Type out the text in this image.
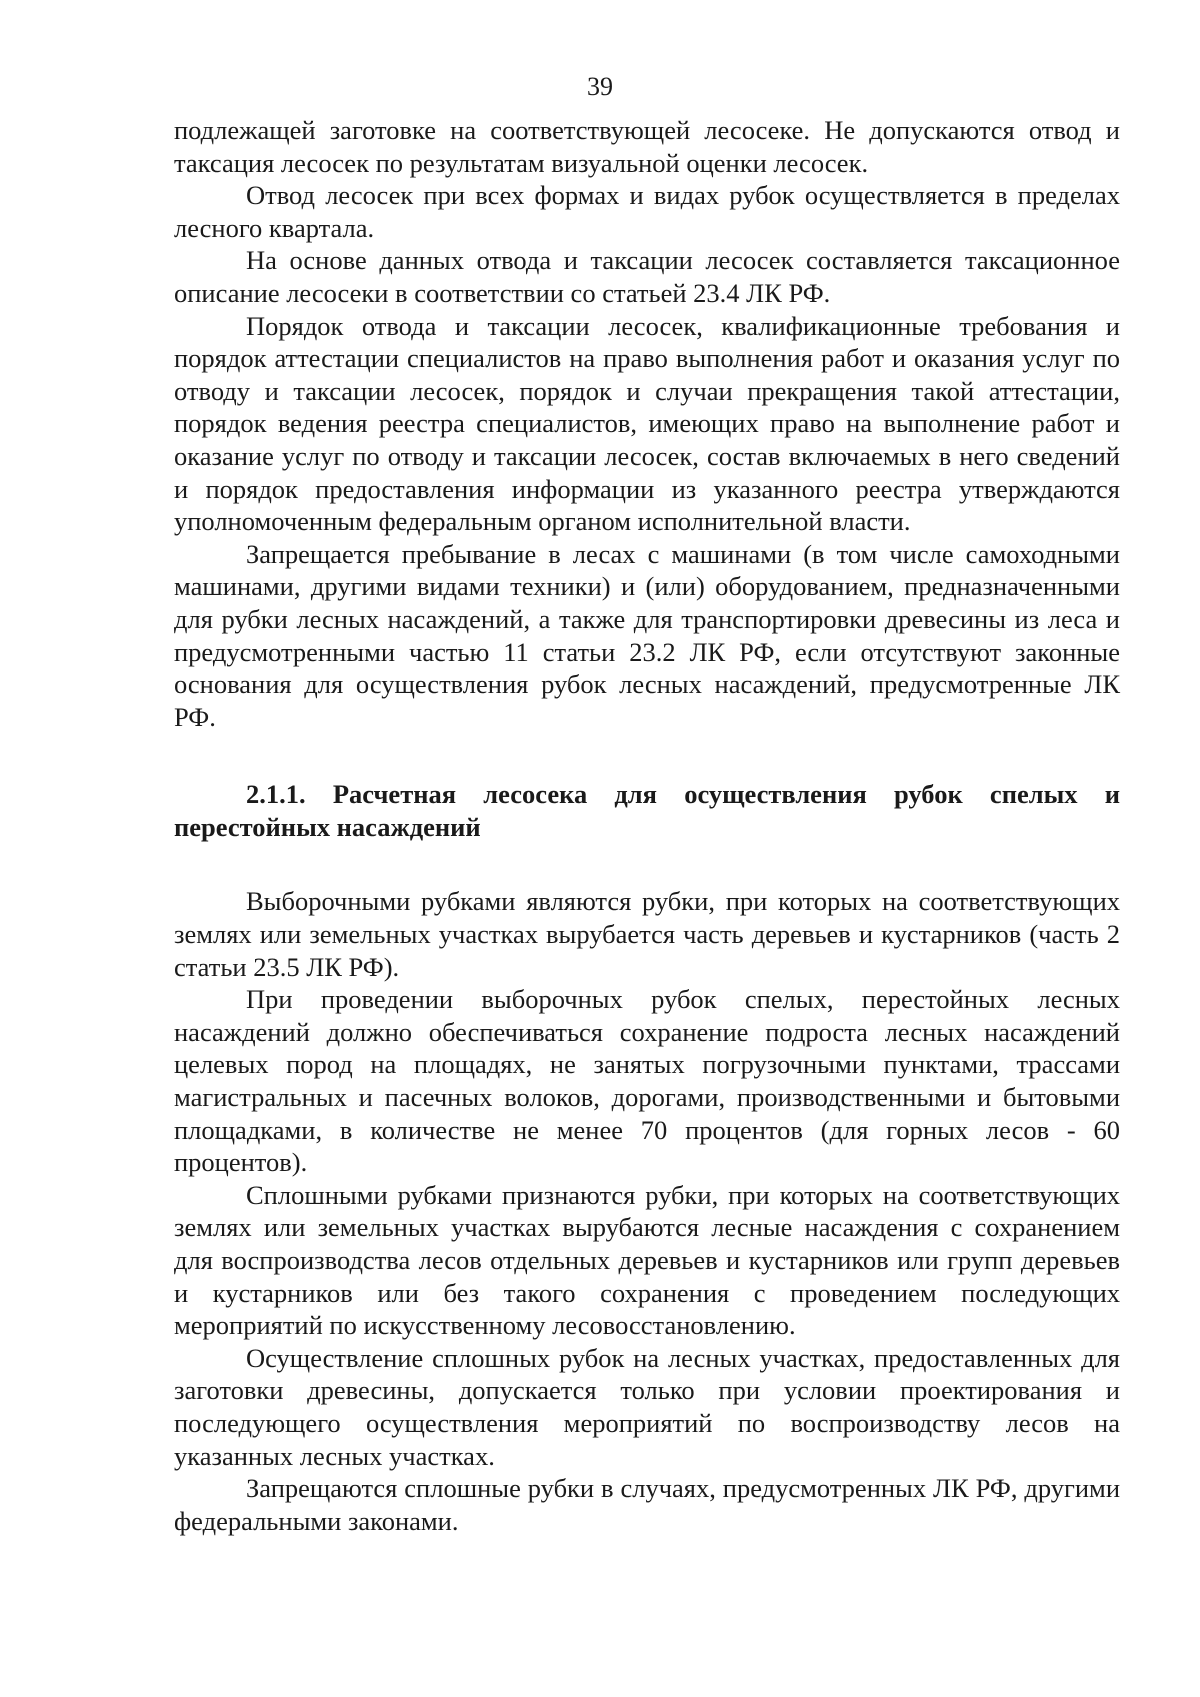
39

подлежащей заготовке на соответствующей лесосеке. Не допускаются отвод и таксация лесосек по результатам визуальной оценки лесосек.

Отвод лесосек при всех формах и видах рубок осуществляется в пределах лесного квартала.

На основе данных отвода и таксации лесосек составляется таксационное описание лесосеки в соответствии со статьей 23.4 ЛК РФ.

Порядок отвода и таксации лесосек, квалификационные требования и порядок аттестации специалистов на право выполнения работ и оказания услуг по отводу и таксации лесосек, порядок и случаи прекращения такой аттестации, порядок ведения реестра специалистов, имеющих право на выполнение работ и оказание услуг по отводу и таксации лесосек, состав включаемых в него сведений и порядок предоставления информации из указанного реестра утверждаются уполномоченным федеральным органом исполнительной власти.

Запрещается пребывание в лесах с машинами (в том числе самоходными машинами, другими видами техники) и (или) оборудованием, предназначенными для рубки лесных насаждений, а также для транспортировки древесины из леса и предусмотренными частью 11 статьи 23.2 ЛК РФ, если отсутствуют законные основания для осуществления рубок лесных насаждений, предусмотренные ЛК РФ.

2.1.1. Расчетная лесосека для осуществления рубок спелых и перестойных насаждений

Выборочными рубками являются рубки, при которых на соответствующих землях или земельных участках вырубается часть деревьев и кустарников (часть 2 статьи 23.5 ЛК РФ).

При проведении выборочных рубок спелых, перестойных лесных насаждений должно обеспечиваться сохранение подроста лесных насаждений целевых пород на площадях, не занятых погрузочными пунктами, трассами магистральных и пасечных волоков, дорогами, производственными и бытовыми площадками, в количестве не менее 70 процентов (для горных лесов - 60 процентов).

Сплошными рубками признаются рубки, при которых на соответствующих землях или земельных участках вырубаются лесные насаждения с сохранением для воспроизводства лесов отдельных деревьев и кустарников или групп деревьев и кустарников или без такого сохранения с проведением последующих мероприятий по искусственному лесовосстановлению.

Осуществление сплошных рубок на лесных участках, предоставленных для заготовки древесины, допускается только при условии проектирования и последующего осуществления мероприятий по воспроизводству лесов на указанных лесных участках.

Запрещаются сплошные рубки в случаях, предусмотренных ЛК РФ, другими федеральными законами.
